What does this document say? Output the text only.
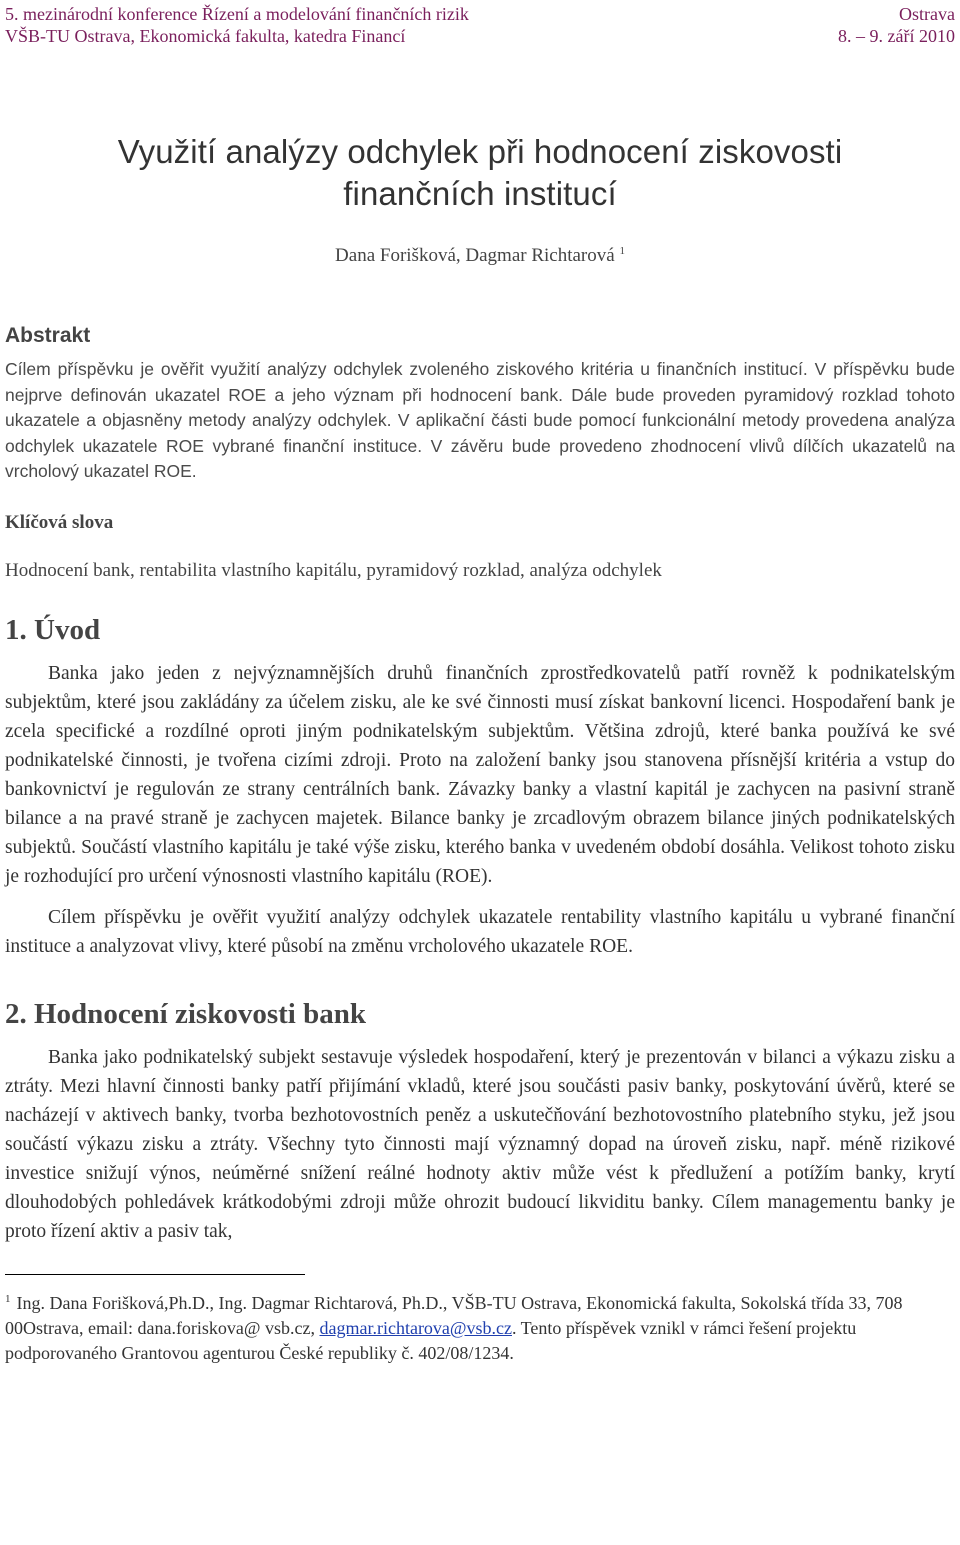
5. mezinárodní konference Řízení a modelování finančních rizik	Ostrava
VŠB-TU Ostrava, Ekonomická fakulta, katedra Financí	8. – 9. září 2010
Využití analýzy odchylek při hodnocení ziskovosti
finančních institucí
Dana Forišková, Dagmar Richtarová $^1$
Abstrakt
Cílem příspěvku je ověřit využití analýzy odchylek zvoleného ziskového kritéria u finančních institucí. V příspěvku bude nejprve definován ukazatel ROE a jeho význam při hodnocení bank. Dále bude proveden pyramidový rozklad tohoto ukazatele a objasněny metody analýzy odchylek. V aplikační části bude pomocí funkcionální metody provedena analýza odchylek ukazatele ROE vybrané finanční instituce. V závěru bude provedeno zhodnocení vlivů dílčích ukazatelů na vrcholový ukazatel ROE.
Klíčová slova
Hodnocení bank, rentabilita vlastního kapitálu, pyramidový rozklad, analýza odchylek
1. Úvod

Banka jako jeden z nejvýznamnějších druhů finančních zprostředkovatelů patří rovněž k podnikatelským subjektům, které jsou zakládány za účelem zisku, ale ke své činnosti musí získat bankovní licenci. Hospodaření bank je zcela specifické a rozdílné oproti jiným podnikatelským subjektům. Většina zdrojů, které banka používá ke své podnikatelské činnosti, je tvořena cizími zdroji. Proto na založení banky jsou stanovena přísnější kritéria a vstup do bankovnictví je regulován ze strany centrálních bank. Závazky banky a vlastní kapitál je zachycen na pasivní straně bilance a na pravé straně je zachycen majetek. Bilance banky je zrcadlovým obrazem bilance jiných podnikatelských subjektů. Součástí vlastního kapitálu je také výše zisku, kterého banka v uvedeném období dosáhla. Velikost tohoto zisku je rozhodující pro určení výnosnosti vlastního kapitálu (ROE).

Cílem příspěvku je ověřit využití analýzy odchylek ukazatele rentability vlastního kapitálu u vybrané finanční instituce a analyzovat vlivy, které působí na změnu vrcholového ukazatele ROE.

2. Hodnocení ziskovosti bank

Banka jako podnikatelský subjekt sestavuje výsledek hospodaření, který je prezentován v bilanci a výkazu zisku a ztráty. Mezi hlavní činnosti banky patří přijímání vkladů, které jsou součásti pasiv banky, poskytování úvěrů, které se nacházejí v aktivech banky, tvorba bezhotovostních peněz a uskutečňování bezhotovostního platebního styku, jež jsou součástí výkazu zisku a ztráty. Všechny tyto činnosti mají významný dopad na úroveň zisku, např. méně rizikové investice snižují výnos, neúměrné snížení reálné hodnoty aktiv může vést k předlužení a potížím banky, krytí dlouhodobých pohledávek krátkodobými zdroji může ohrozit budoucí likviditu banky. Cílem managementu banky je proto řízení aktiv a pasiv tak,

$^1$ Ing. Dana Forišková,Ph.D., Ing. Dagmar Richtarová, Ph.D., VŠB-TU Ostrava, Ekonomická fakulta, Sokolská třída 33, 708 00Ostrava, email: dana.foriskova@ vsb.cz, dagmar.richtarova@vsb.cz. Tento příspěvek vznikl v rámci řešení projektu podporovaného Grantovou agenturou České republiky č. 402/08/1234.
